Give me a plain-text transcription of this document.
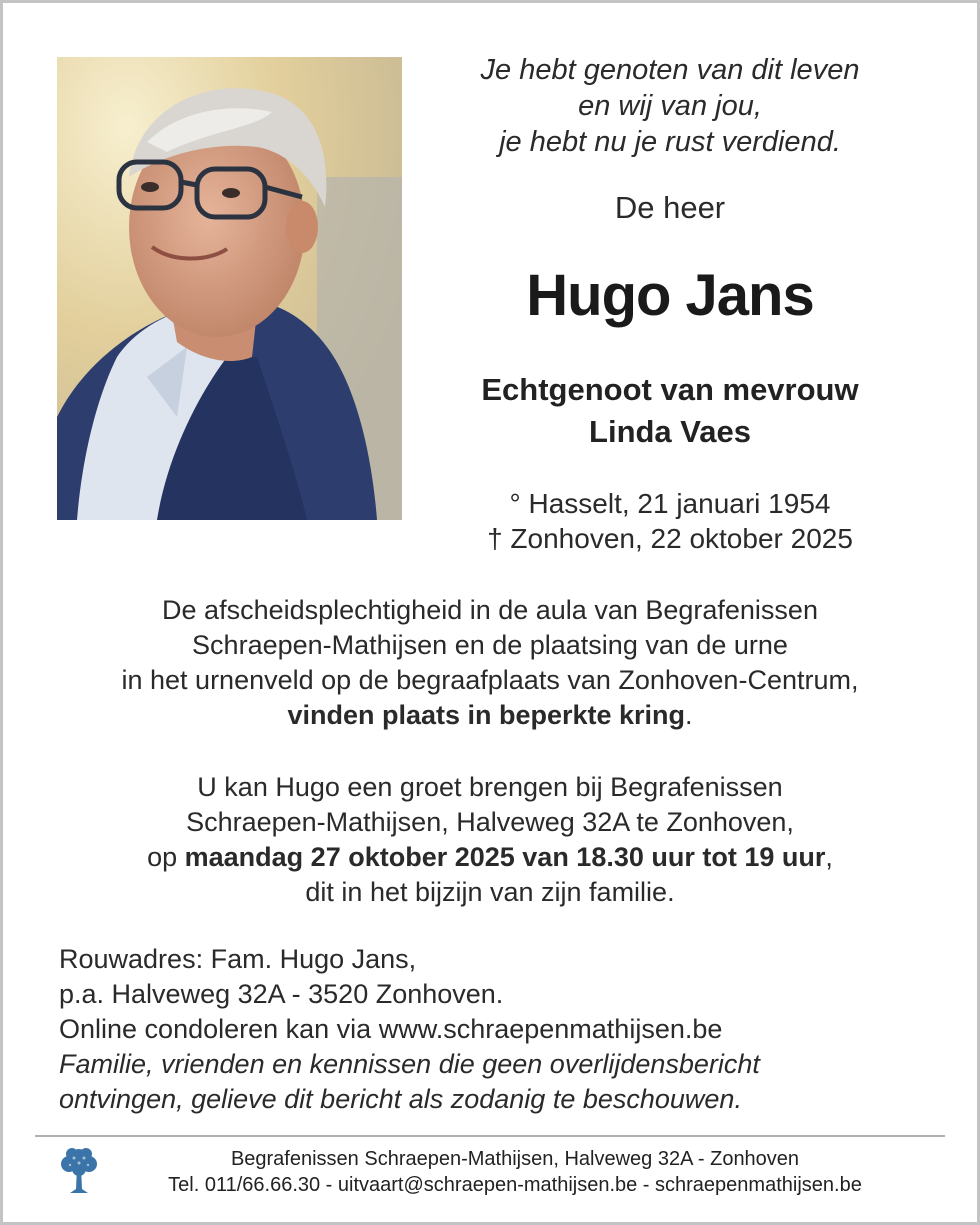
Je hebt genoten van dit leven
en wij van jou,
je hebt nu je rust verdiend.
De heer
Hugo Jans
Echtgenoot van mevrouw
Linda Vaes
° Hasselt, 21 januari 1954
† Zonhoven, 22 oktober 2025
De afscheidsplechtigheid in de aula van Begrafenissen
Schraepen-Mathijsen en de plaatsing van de urne
in het urnenveld op de begraafplaats van Zonhoven-Centrum,
vinden plaats in beperkte kring.
U kan Hugo een groet brengen bij Begrafenissen
Schraepen-Mathijsen, Halveweg 32A te Zonhoven,
op maandag 27 oktober 2025 van 18.30 uur tot 19 uur,
dit in het bijzijn van zijn familie.
Rouwadres: Fam. Hugo Jans,
p.a. Halveweg 32A - 3520 Zonhoven.
Online condoleren kan via www.schraepenmathijsen.be
Familie, vrienden en kennissen die geen overlijdensbericht
ontvingen, gelieve dit bericht als zodanig te beschouwen.
Begrafenissen Schraepen-Mathijsen, Halveweg 32A - Zonhoven
Tel. 011/66.66.30 - uitvaart@schraepen-mathijsen.be - schraepenmathijsen.be
